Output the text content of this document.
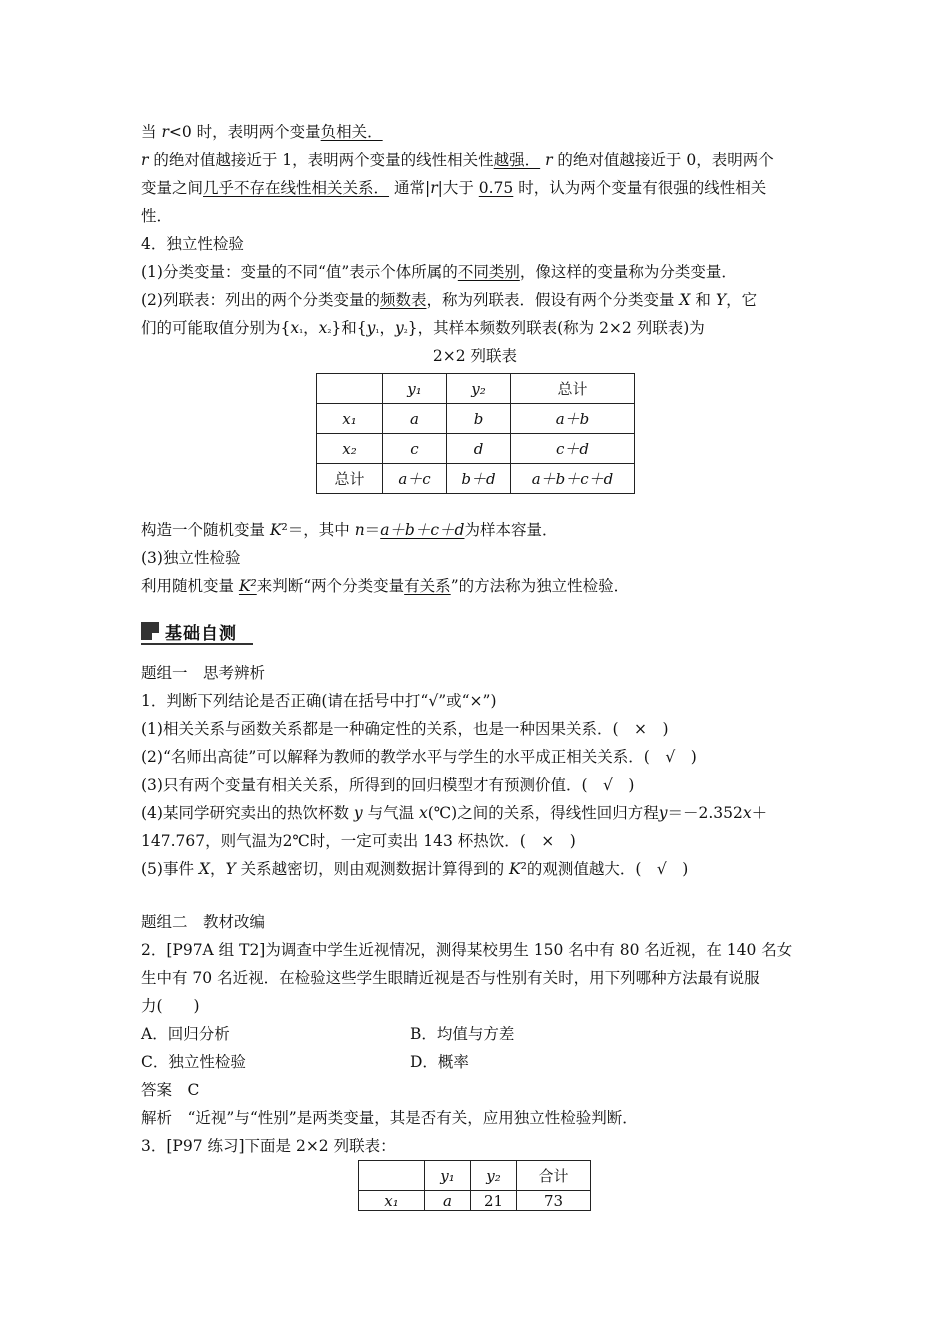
当 r<0 时，表明两个变量负相关．
r 的绝对值越接近于 1，表明两个变量的线性相关性越强． r 的绝对值越接近于 0，表明两个
变量之间几乎不存在线性相关关系． 通常|r|大于 0.75 时，认为两个变量有很强的线性相关
性．
4．独立性检验
(1)分类变量：变量的不同“值”表示个体所属的不同类别，像这样的变量称为分类变量．
(2)列联表：列出的两个分类变量的频数表，称为列联表．假设有两个分类变量 X 和 Y，它
们的可能取值分别为{x₁，x₂}和{y₁，y₂}，其样本频数列联表(称为 2×2 列联表)为
2×2 列联表
	y₁	y₂	总计
x₁	a	b	a＋b
x₂	c	d	c＋d
总计	a＋c	b＋d	a＋b＋c＋d
构造一个随机变量 K²＝，其中 n＝a＋b＋c＋d为样本容量．
(3)独立性检验
利用随机变量 K²来判断“两个分类变量有关系”的方法称为独立性检验．
基础自测
题组一　思考辨析
1．判断下列结论是否正确(请在括号中打“√”或“×”)
(1)相关关系与函数关系都是一种确定性的关系，也是一种因果关系．(　×　)
(2)“名师出高徒”可以解释为教师的教学水平与学生的水平成正相关关系．(　√　)
(3)只有两个变量有相关关系，所得到的回归模型才有预测价值．(　√　)
(4)某同学研究卖出的热饮杯数 y 与气温 x(℃)之间的关系，得线性回归方程y＝－2.352x＋
147.767，则气温为2℃时，一定可卖出 143 杯热饮．(　×　)
(5)事件 X，Y 关系越密切，则由观测数据计算得到的 K²的观测值越大．(　√　)
题组二　教材改编
2．[P97A 组 T2]为调查中学生近视情况，测得某校男生 150 名中有 80 名近视，在 140 名女
生中有 70 名近视．在检验这些学生眼睛近视是否与性别有关时，用下列哪种方法最有说服
力(　　)
A．回归分析	B．均值与方差
C．独立性检验	D．概率
答案　C
解析　“近视”与“性别”是两类变量，其是否有关，应用独立性检验判断．
3．[P97 练习]下面是 2×2 列联表：
	y₁	y₂	合计
x₁	a	21	73
